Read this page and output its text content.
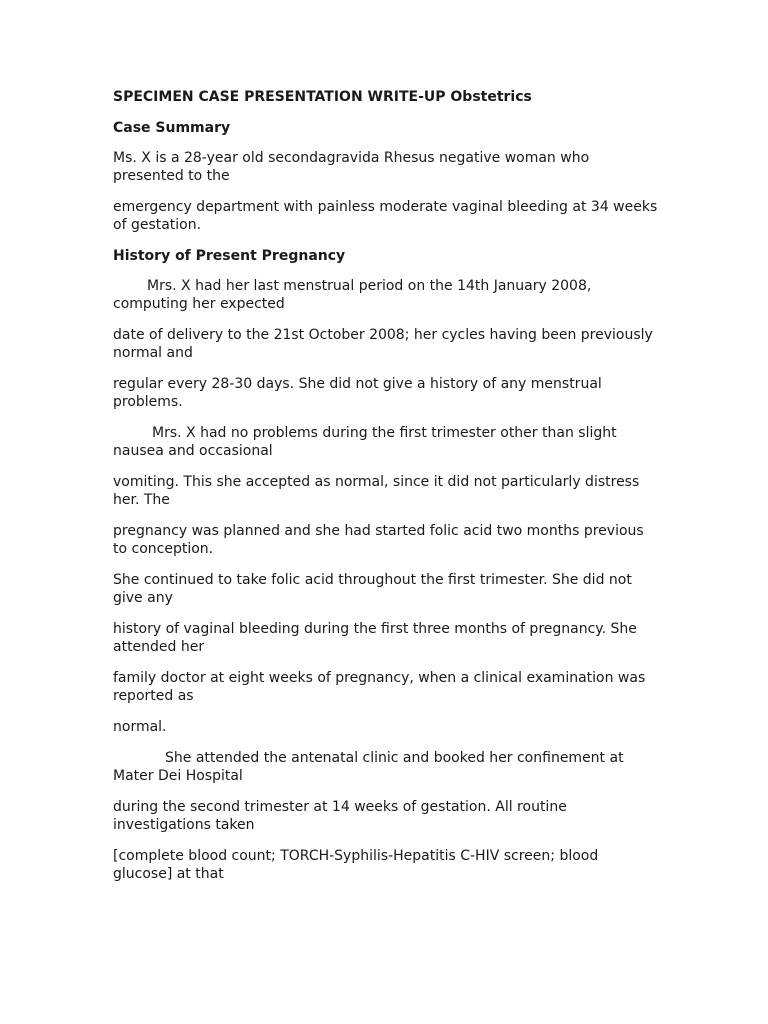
SPECIMEN CASE PRESENTATION WRITE-UP Obstetrics

Case Summary

Ms. X is a 28-year old secondagravida Rhesus negative woman who presented to the

emergency department with painless moderate vaginal bleeding at 34 weeks of gestation.

History of Present Pregnancy

Mrs. X had her last menstrual period on the 14th January 2008, computing her expected

date of delivery to the 21st October 2008; her cycles having been previously normal and

regular every 28-30 days. She did not give a history of any menstrual problems.

Mrs. X had no problems during the first trimester other than slight nausea and occasional

vomiting. This she accepted as normal, since it did not particularly distress her. The

pregnancy was planned and she had started folic acid two months previous to conception.

She continued to take folic acid throughout the first trimester. She did not give any

history of vaginal bleeding during the first three months of pregnancy. She attended her

family doctor at eight weeks of pregnancy, when a clinical examination was reported as

normal.

She attended the antenatal clinic and booked her confinement at Mater Dei Hospital

during the second trimester at 14 weeks of gestation. All routine investigations taken

[complete blood count; TORCH-Syphilis-Hepatitis C-HIV screen; blood glucose] at that
